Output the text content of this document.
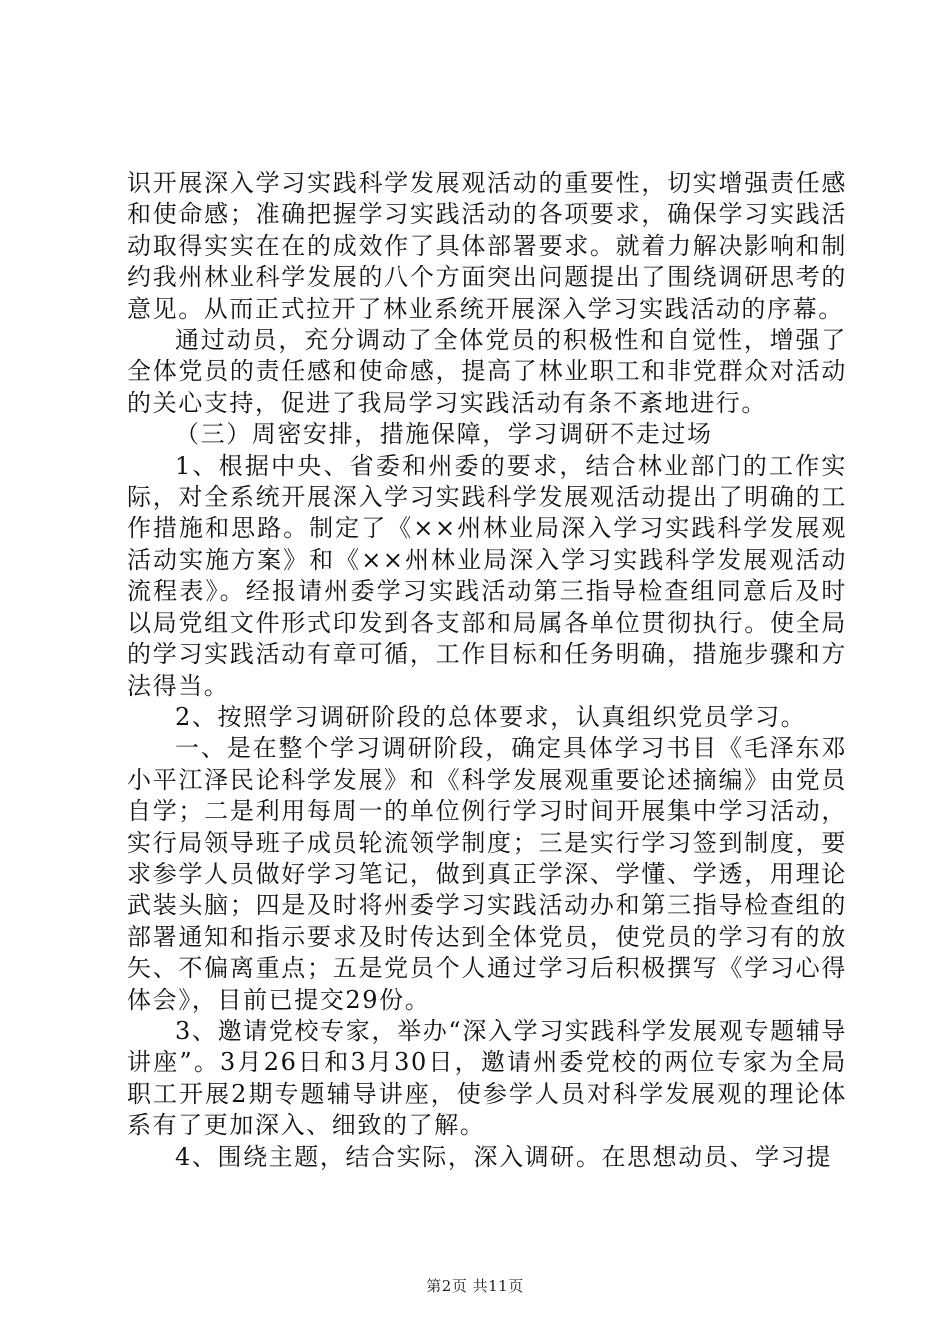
识开展深入学习实践科学发展观活动的重要性，切实增强责任感和使命感；准确把握学习实践活动的各项要求，确保学习实践活动取得实实在在的成效作了具体部署要求。就着力解决影响和制约我州林业科学发展的八个方面突出问题提出了围绕调研思考的意见。从而正式拉开了林业系统开展深入学习实践活动的序幕。

通过动员，充分调动了全体党员的积极性和自觉性，增强了全体党员的责任感和使命感，提高了林业职工和非党群众对活动的关心支持，促进了我局学习实践活动有条不紊地进行。

（三）周密安排，措施保障，学习调研不走过场

1、根据中央、省委和州委的要求，结合林业部门的工作实际，对全系统开展深入学习实践科学发展观活动提出了明确的工作措施和思路。制定了《××州林业局深入学习实践科学发展观活动实施方案》和《××州林业局深入学习实践科学发展观活动流程表》。经报请州委学习实践活动第三指导检查组同意后及时以局党组文件形式印发到各支部和局属各单位贯彻执行。使全局的学习实践活动有章可循，工作目标和任务明确，措施步骤和方法得当。

2、按照学习调研阶段的总体要求，认真组织党员学习。

一、是在整个学习调研阶段，确定具体学习书目《毛泽东邓小平江泽民论科学发展》和《科学发展观重要论述摘编》由党员自学；二是利用每周一的单位例行学习时间开展集中学习活动，实行局领导班子成员轮流领学制度；三是实行学习签到制度，要求参学人员做好学习笔记，做到真正学深、学懂、学透，用理论武装头脑；四是及时将州委学习实践活动办和第三指导检查组的部署通知和指示要求及时传达到全体党员，使党员的学习有的放矢、不偏离重点；五是党员个人通过学习后积极撰写《学习心得体会》，目前已提交29份。

3、邀请党校专家，举办“深入学习实践科学发展观专题辅导讲座”。3月26日和3月30日，邀请州委党校的两位专家为全局职工开展2期专题辅导讲座，使参学人员对科学发展观的理论体系有了更加深入、细致的了解。

4、围绕主题，结合实际，深入调研。在思想动员、学习提

第2页 共11页
